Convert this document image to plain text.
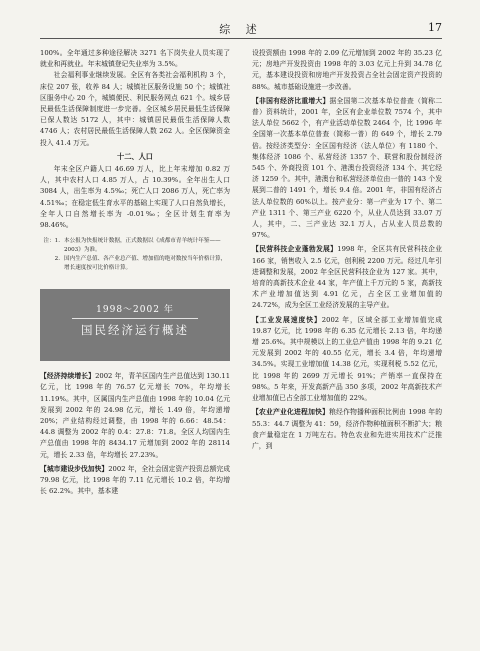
综 述	17

100%。全年通过多种途径解决 3271 名下岗失业人员实现了就业和再就业。年末城镇登记失业率为 3.5%。

社会福利事业继续发展。全区有各类社会福利机构 3 个，床位 207 张，收养 84 人；城镇社区服务设施 50 个；城镇社区服务中心 20 个，城镇便民、利民服务网点 621 个。城乡居民最低生活保障制度进一步完善。全区城乡居民最低生活保障已保人数达 5172 人，其中：城镇居民最低生活保障人数 4746 人；农村居民最低生活保障人数 262 人。全区保障资金投入 41.4 万元。

十二、人口

年末全区户籍人口 46.69 万人，比上年末增加 0.82 万人，其中农村人口 4.85 万人，占 10.39%。全年出生人口 3084 人，出生率为 4.5‰；死亡人口 2086 万人，死亡率为 4.51‰；在稳定低生育水平的基础上实现了人口自然负增长，全年人口自然增长率为 -0.01‰；全区计划生育率为 98.46%。

注：1. 本公报为快报统计数据，正式数据以《成都市青羊统计年鉴——2003》为准。
2. 国内生产总值、各产业总产值、增加值的绝对数按当年价格计算，增长速度按可比价格计算。
1998～2002 年
国民经济运行概述

【 经济持续增长 】 2002 年，青羊区国内生产总值达到 130.11 亿元，比 1998 年的 76.57 亿元增长 70%，年均增长 11.19%。其中，区属国内生产总值由 1998 年的 10.04 亿元发展到 2002 年的 24.98 亿元，增长 1.49 倍，年均递增 20%；产业结构经过调整，由 1998 年的 6.66：48.54：44.8 调整为 2002 年的 0.4：27.8：71.8。全区人均国内生产总值由 1998 年的 8434.17 元增加到 2002 年的 28114 元，增长 2.33 倍，年均增长 27.23%。

【 城市建设步伐加快 】 2002 年，全社会固定资产投资总额完成 79.98 亿元，比 1998 年的 7.11 亿元增长 10.2 倍，年均增长 62.2%。其中，基本建

设投资额由 1998 年的 2.09 亿元增加到 2002 年的 35.23 亿元；房地产开发投资由 1998 年的 3.03 亿元上升到 34.78 亿元，基本建设投资和房地产开发投资占全社会固定资产投资的 88%。城市基础设施进一步改善。

【 非国有经济比重增大 】 据全国第二次基本单位普查（简称二普）资料统计，2001 年，全区有企业单位数 7574 个，其中法人单位 5662 个，有产业活动单位数 2464 个，比 1996 年全国第一次基本单位普查（简称一普）的 649 个，增长 2.79 倍。按经济类型分：全区国有经济（法人单位）有 1180 个、集体经济 1086 个、私营经济 1357 个、联营和股份制经济 545 个、外商投资 101 个、港澳台投资经济 134 个、其它经济 1259 个。其中，港澳台和私营经济单位由一普的 143 个发展到二普的 1491 个，增长 9.4 倍。2001 年，非国有经济占法人单位数的 60%以上。按产业分：第一产业为 17 个、第二产业 1311 个、第三产业 6220 个，从业人员达到 33.07 万人，其中，二、三产业达 32.1 万人，占从业人员总数的 97%。

【 民营科技企业蓬勃发展 】 1998 年，全区共有民营科技企业 166 家，销售收入 2.5 亿元，创利税 2200 万元。经过几年引进调整和发展，2002 年全区民营科技企业为 127 家。其中，培育的高新技术企业 44 家，年产值上千万元的 5 家，高新技术产业增加值达到 4.91 亿元，占全区工业增加值的 24.72%，成为全区工业经济发展的主导产业。

【 工业发展速度快 】 2002 年，区域全部工业增加值完成 19.87 亿元，比 1998 年的 6.35 亿元增长 2.13 倍，年均递增 25.6%。其中规模以上的工业总产值由 1998 年的 9.21 亿元发展到 2002 年的 40.55 亿元，增长 3.4 倍，年均递增 34.5%。实现工业增加值 14.38 亿元，实现利税 5.52 亿元，比 1998 年的 2699 万元增长 91%；产销率一直保持在 98%。5 年来，开发高新产品 350 多项，2002 年高新技术产业增加值已占全部工业增加值的 22%。

【 农业产业化进程加快 】 粮经作物播种面积比例由 1998 年的 55.3：44.7 调整为 41：59，经济作物种植面积不断扩大；粮食产量稳定在 1 万吨左右。特色农业和先进实用技术广泛推广，到
